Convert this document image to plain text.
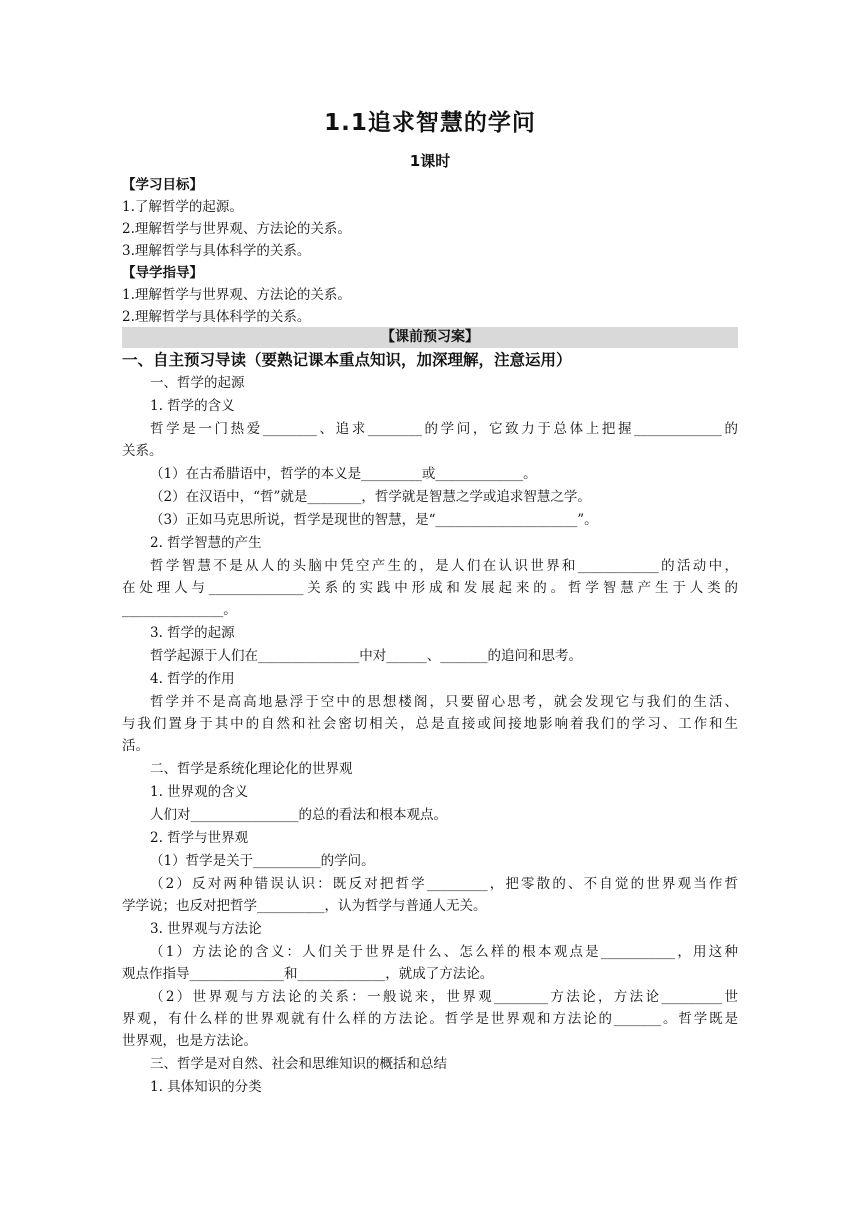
1.1追求智慧的学问
1课时
【学习目标】
1.了解哲学的起源。
2.理解哲学与世界观、方法论的关系。
3.理解哲学与具体科学的关系。
【导学指导】
1.理解哲学与世界观、方法论的关系。
2.理解哲学与具体科学的关系。
【课前预习案】
一、自主预习导读（要熟记课本重点知识，加深理解，注意运用）
一、哲学的起源
1. 哲学的含义
哲学是一门热爱________、追求________的学问，它致力于总体上把握_____________的
关系。
（1）在古希腊语中，哲学的本义是_________或_____________。
（2）在汉语中，“哲”就是________，哲学就是智慧之学或追求智慧之学。
（3）正如马克思所说，哲学是现世的智慧，是“_____________________”。
2. 哲学智慧的产生
哲学智慧不是从人的头脑中凭空产生的，是人们在认识世界和____________的活动中，
在处理人与______________关系的实践中形成和发展起来的。哲学智慧产生于人类的
_______________。
3. 哲学的起源
哲学起源于人们在_______________中对______、_______的追问和思考。
4. 哲学的作用
哲学并不是高高地悬浮于空中的思想楼阁，只要留心思考，就会发现它与我们的生活、
与我们置身于其中的自然和社会密切相关，总是直接或间接地影响着我们的学习、工作和生
活。
二、哲学是系统化理论化的世界观
1. 世界观的含义
人们对________________的总的看法和根本观点。
2. 哲学与世界观
（1）哲学是关于__________的学问。
（2）反对两种错误认识：既反对把哲学_________，把零散的、不自觉的世界观当作哲
学学说；也反对把哲学__________，认为哲学与普通人无关。
3. 世界观与方法论
（1）方法论的含义：人们关于世界是什么、怎么样的根本观点是___________，用这种
观点作指导______________和_____________，就成了方法论。
（2）世界观与方法论的关系：一般说来，世界观________方法论，方法论_________世
界观，有什么样的世界观就有什么样的方法论。哲学是世界观和方法论的_______。哲学既是
世界观，也是方法论。
三、哲学是对自然、社会和思维知识的概括和总结
1. 具体知识的分类
